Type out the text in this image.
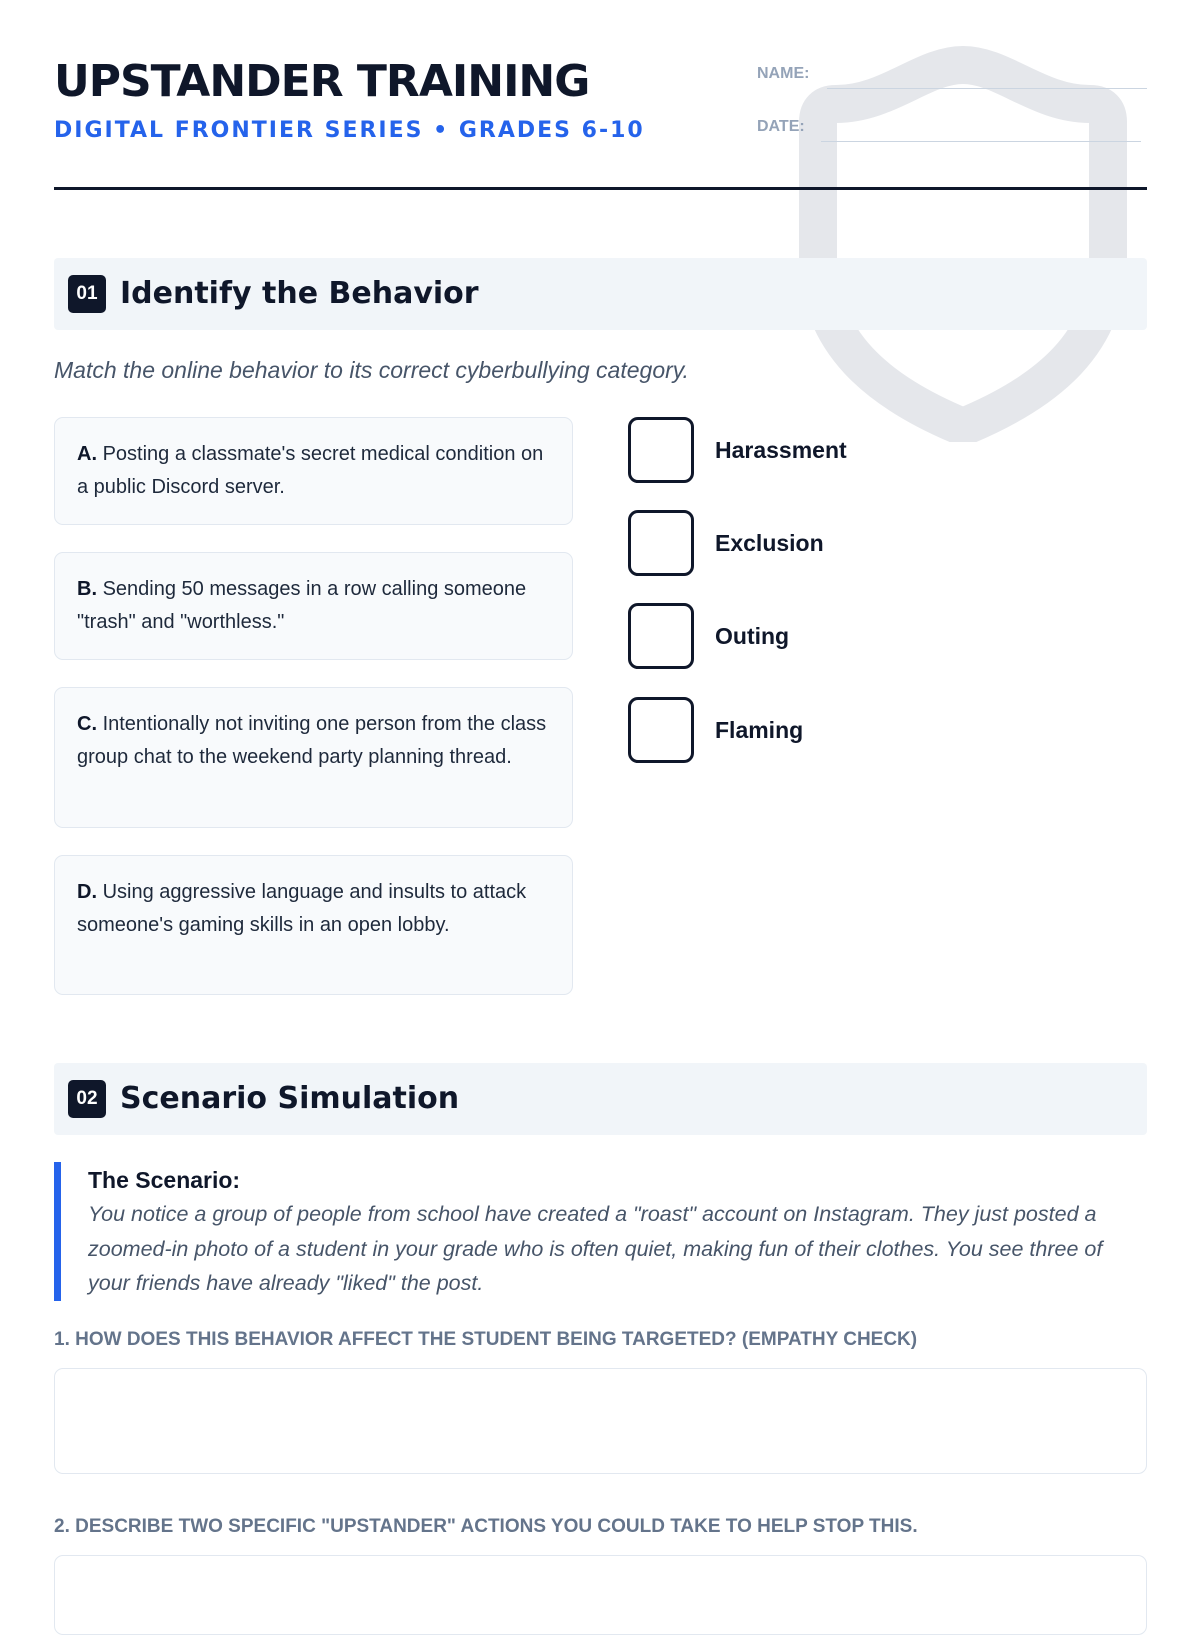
UPSTANDER TRAINING
DIGITAL FRONTIER SERIES • GRADES 6-10
NAME:
DATE:
01 Identify the Behavior
Match the online behavior to its correct cyberbullying category.
A. Posting a classmate's secret medical condition on a public Discord server.
B. Sending 50 messages in a row calling someone "trash" and "worthless."
C. Intentionally not inviting one person from the class group chat to the weekend party planning thread.
D. Using aggressive language and insults to attack someone's gaming skills in an open lobby.
Harassment
Exclusion
Outing
Flaming
02 Scenario Simulation
The Scenario:
You notice a group of people from school have created a "roast" account on Instagram. They just posted a zoomed-in photo of a student in your grade who is often quiet, making fun of their clothes. You see three of your friends have already "liked" the post.
1. HOW DOES THIS BEHAVIOR AFFECT THE STUDENT BEING TARGETED? (EMPATHY CHECK)
2. DESCRIBE TWO SPECIFIC "UPSTANDER" ACTIONS YOU COULD TAKE TO HELP STOP THIS.
